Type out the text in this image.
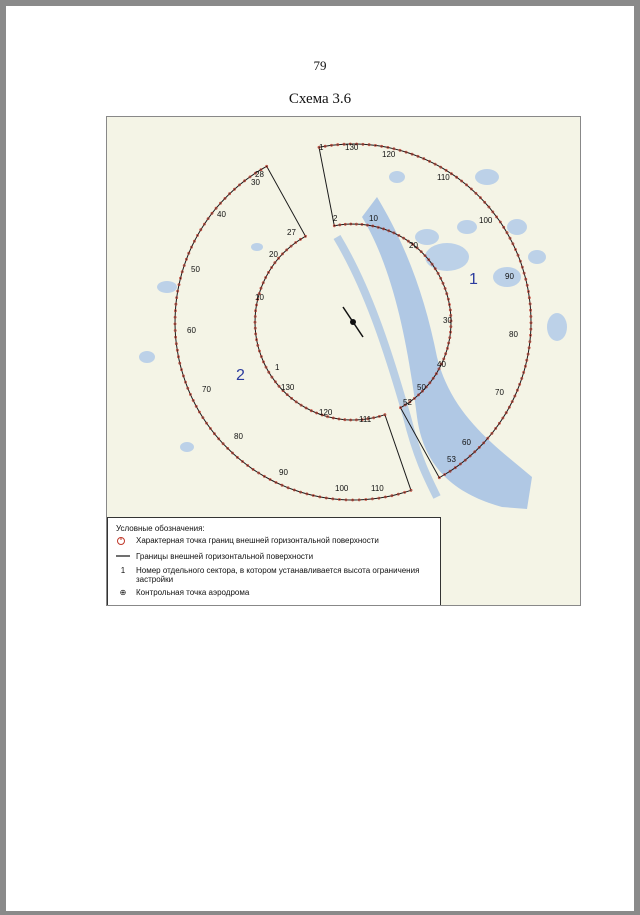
79
Схема 3.6
1	130
120
110
100
90
80
70
60
53
52
50
40
30
20
10
2
28
30
40
50
60
70
80
90
100	110
111
120
130
1
10
20
27
1
2
Условные обозначения:
Характерная точка границ внешней горизонтальной поверхности
Границы внешней горизонтальной поверхности
1	Номер отдельного сектора, в котором устанавливается высота ограничения застройки
⊕	Контрольная точка аэродрома
